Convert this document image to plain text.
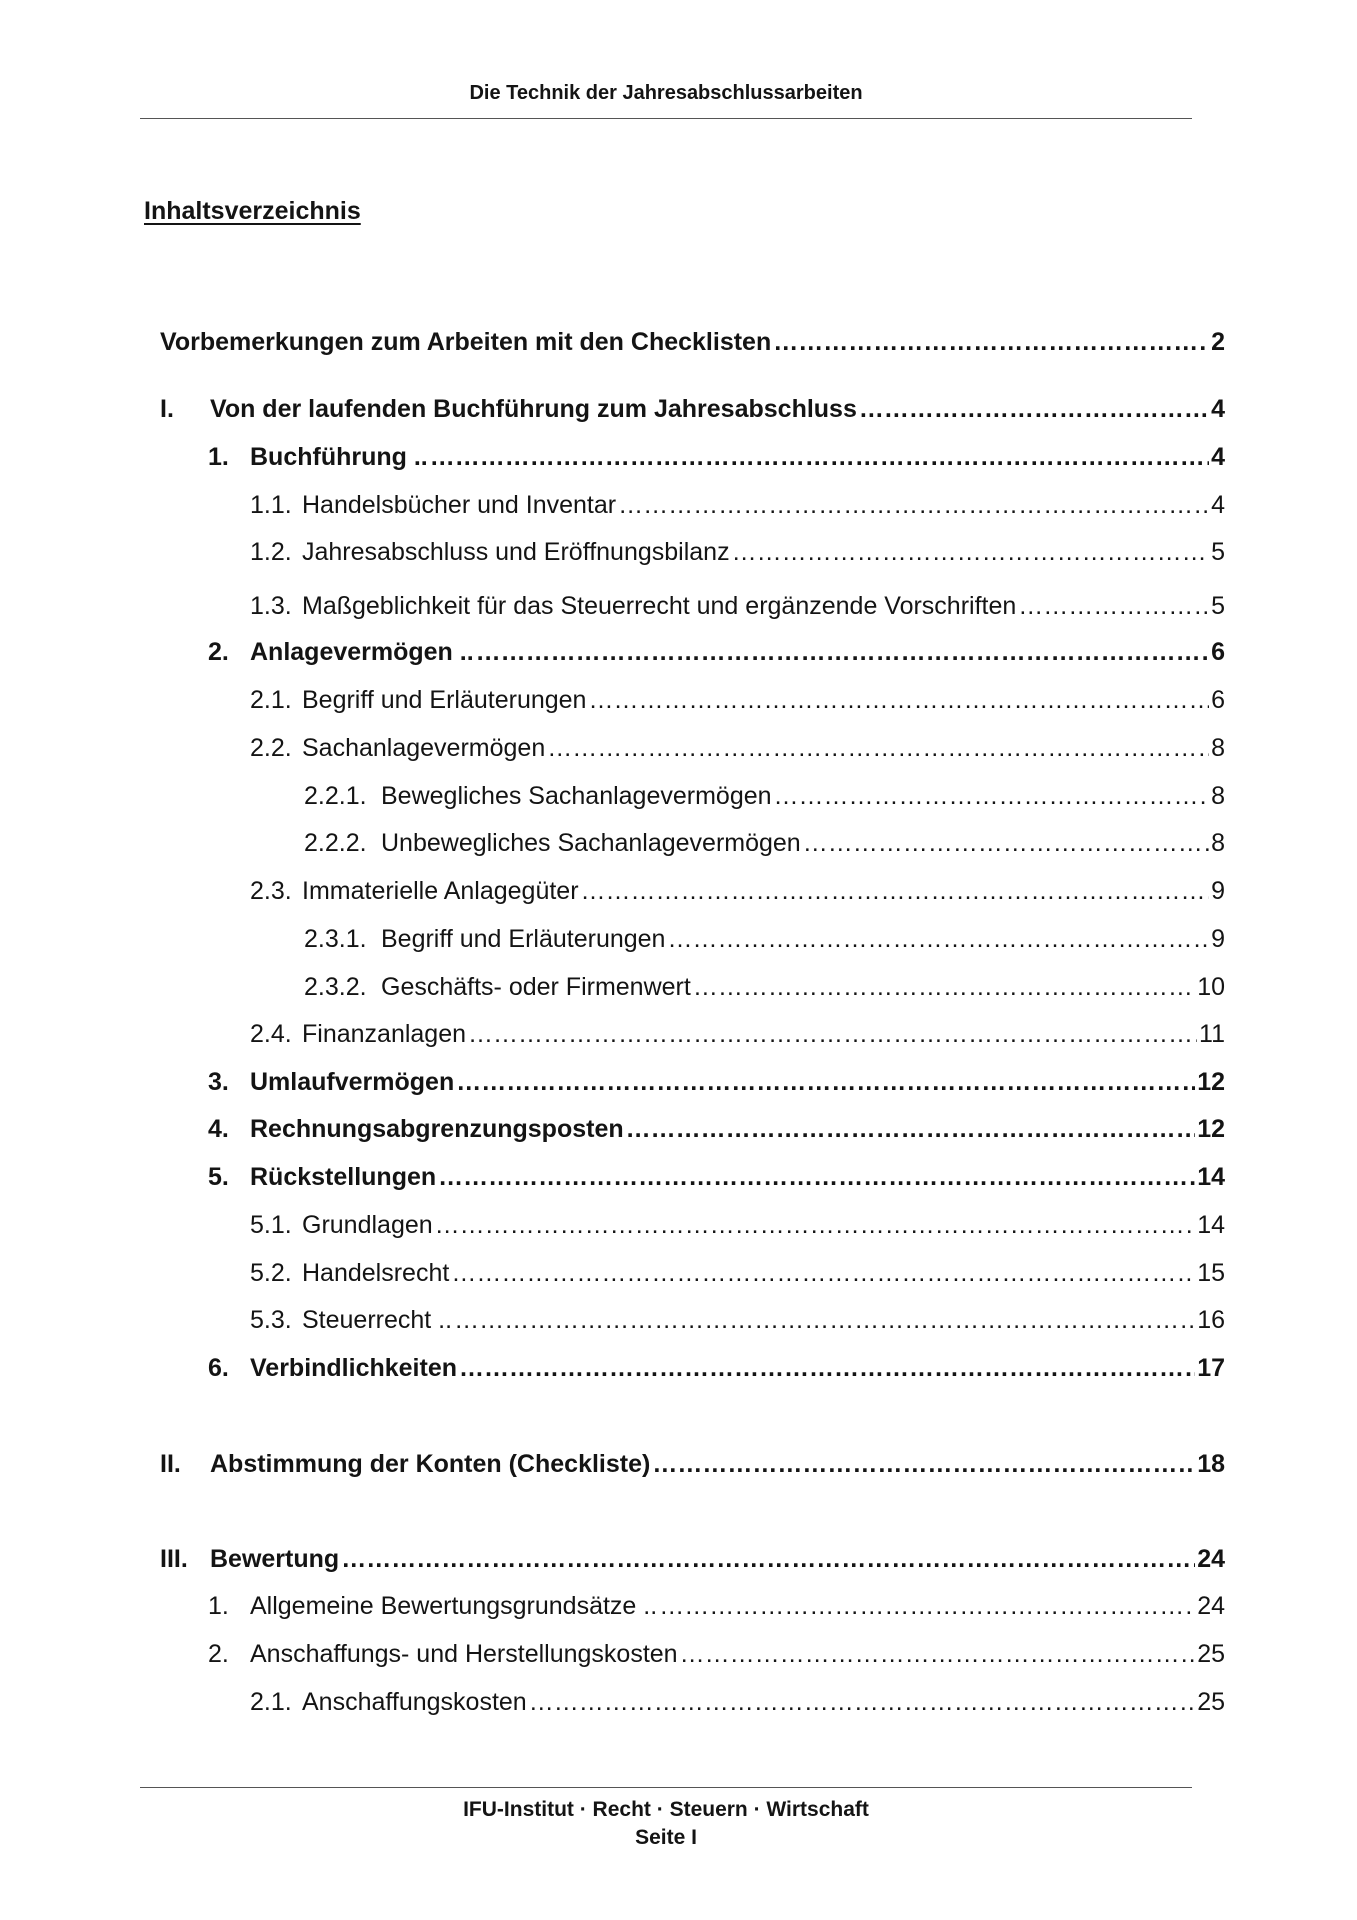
Die Technik der Jahresabschlussarbeiten
Inhaltsverzeichnis
Vorbemerkungen zum Arbeiten mit den Checklisten ……………………………………………………………………………………………………………………………………………………………………………………………………………………	2
I.	Von der laufenden Buchführung zum Jahresabschluss ……………………………………………………………………………………………………………………………………………………………………………………………………………………	4
1. Buchführung .. ……………………………………………………………………………………………………………………………………………………………………………………………………………………	4
1.1. Handelsbücher und Inventar ……………………………………………………………………………………………………………………………………………………………………………………………………………………	4
1.2. Jahresabschluss und Eröffnungsbilanz ……………………………………………………………………………………………………………………………………………………………………………………………………………………	5
1.3. Maßgeblichkeit für das Steuerrecht und ergänzende Vorschriften ……………………………………………………………………………………………………………………………………………………………………………………………………………………	5
2. Anlagevermögen .. ……………………………………………………………………………………………………………………………………………………………………………………………………………………	6
2.1. Begriff und Erläuterungen ……………………………………………………………………………………………………………………………………………………………………………………………………………………	6
2.2. Sachanlagevermögen ……………………………………………………………………………………………………………………………………………………………………………………………………………………	8
2.2.1. Bewegliches Sachanlagevermögen ……………………………………………………………………………………………………………………………………………………………………………………………………………………	8
2.2.2. Unbewegliches Sachanlagevermögen ……………………………………………………………………………………………………………………………………………………………………………………………………………………	8
2.3. Immaterielle Anlagegüter ……………………………………………………………………………………………………………………………………………………………………………………………………………………	9
2.3.1. Begriff und Erläuterungen ……………………………………………………………………………………………………………………………………………………………………………………………………………………	9
2.3.2. Geschäfts- oder Firmenwert ……………………………………………………………………………………………………………………………………………………………………………………………………………………	10
2.4. Finanzanlagen ……………………………………………………………………………………………………………………………………………………………………………………………………………………	11
3. Umlaufvermögen ……………………………………………………………………………………………………………………………………………………………………………………………………………………	12
4. Rechnungsabgrenzungsposten ……………………………………………………………………………………………………………………………………………………………………………………………………………………	12
5. Rückstellungen ……………………………………………………………………………………………………………………………………………………………………………………………………………………	14
5.1. Grundlagen ……………………………………………………………………………………………………………………………………………………………………………………………………………………	14
5.2. Handelsrecht ……………………………………………………………………………………………………………………………………………………………………………………………………………………	15
5.3. Steuerrecht .. ……………………………………………………………………………………………………………………………………………………………………………………………………………………	16
6. Verbindlichkeiten ……………………………………………………………………………………………………………………………………………………………………………………………………………………	17
II.	Abstimmung der Konten (Checkliste) ……………………………………………………………………………………………………………………………………………………………………………………………………………………	18
III. Bewertung ……………………………………………………………………………………………………………………………………………………………………………………………………………………	24
1. Allgemeine Bewertungsgrundsätze .. ……………………………………………………………………………………………………………………………………………………………………………………………………………………	24
2. Anschaffungs- und Herstellungskosten ……………………………………………………………………………………………………………………………………………………………………………………………………………………	25
2.1. Anschaffungskosten ……………………………………………………………………………………………………………………………………………………………………………………………………………………	25
IFU-Institut · Recht · Steuern · Wirtschaft
Seite I
